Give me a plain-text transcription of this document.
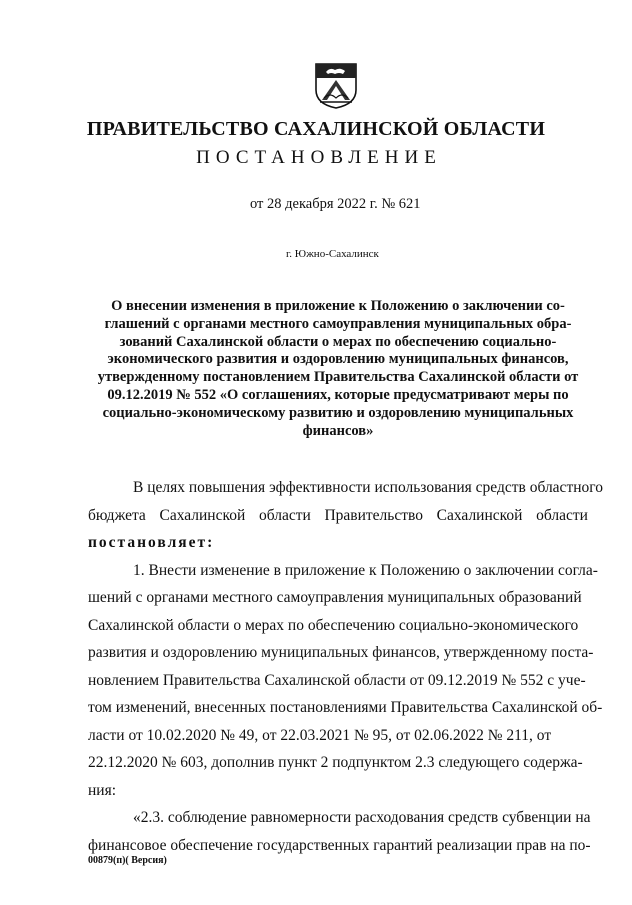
ПРАВИТЕЛЬСТВО САХАЛИНСКОЙ ОБЛАСТИ
ПОСТАНОВЛЕНИЕ
от 28 декабря 2022 г. № 621
г. Южно-Сахалинск
О внесении изменения в приложение к Положению о заключении со-
глашений с органами местного самоуправления муниципальных обра-
зований Сахалинской области о мерах по обеспечению социально-
экономического развития и оздоровлению муниципальных финансов,
утвержденному постановлением Правительства Сахалинской области от
09.12.2019 № 552 «О соглашениях, которые предусматривают меры по
социально-экономическому развитию и оздоровлению муниципальных
финансов»
В целях повышения эффективности использования средств областного
бюджета Сахалинской области Правительство Сахалинской области
постановляет:
1. Внести изменение в приложение к Положению о заключении согла-
шений с органами местного самоуправления муниципальных образований
Сахалинской области о мерах по обеспечению социально-экономического
развития и оздоровлению муниципальных финансов, утвержденному поста-
новлением Правительства Сахалинской области от 09.12.2019 № 552 с уче-
том изменений, внесенных постановлениями Правительства Сахалинской об-
ласти от 10.02.2020 № 49, от 22.03.2021 № 95, от 02.06.2022 № 211, от
22.12.2020 № 603, дополнив пункт 2 подпунктом 2.3 следующего содержа-
ния:
«2.3. соблюдение равномерности расходования средств субвенции на
финансовое обеспечение государственных гарантий реализации прав на по-
00879(п)( Версия)
